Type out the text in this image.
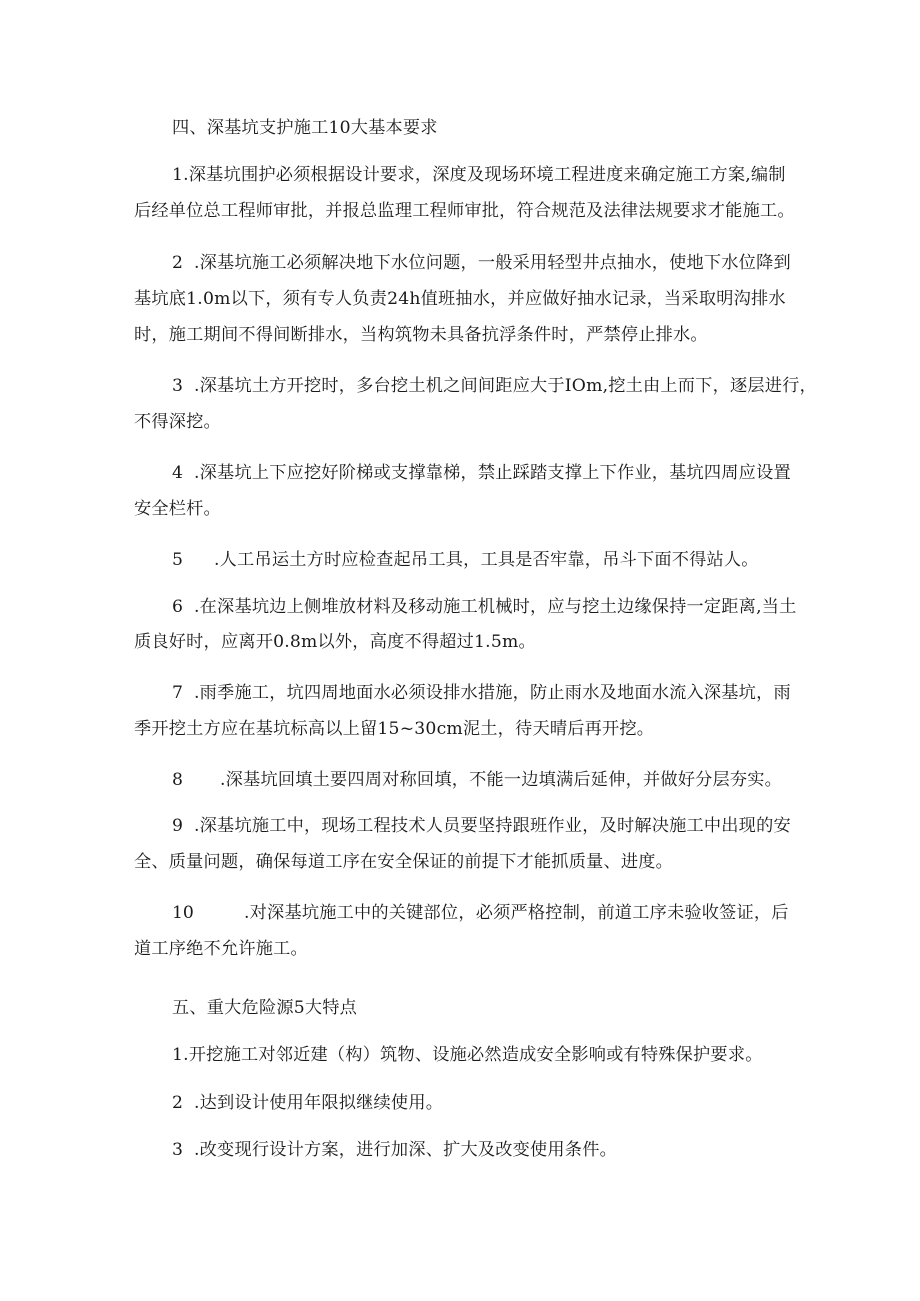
四、深基坑支护施工10大基本要求
1.深基坑围护必须根据设计要求，深度及现场环境工程进度来确定施工方案,编制
后经单位总工程师审批，并报总监理工程师审批，符合规范及法律法规要求才能施工。
2 .深基坑施工必须解决地下水位问题，一般采用轻型井点抽水，使地下水位降到
基坑底1.0m以下，须有专人负责24h值班抽水，并应做好抽水记录，当采取明沟排水
时，施工期间不得间断排水，当构筑物未具备抗浮条件时，严禁停止排水。
3 .深基坑土方开挖时，多台挖土机之间间距应大于IOm,挖土由上而下，逐层进行，
不得深挖。
4 .深基坑上下应挖好阶梯或支撑靠梯，禁止踩踏支撑上下作业，基坑四周应设置
安全栏杆。
5 .人工吊运土方时应检查起吊工具，工具是否牢靠，吊斗下面不得站人。
6 .在深基坑边上侧堆放材料及移动施工机械时，应与挖土边缘保持一定距离,当土
质良好时，应离开0.8m以外，高度不得超过1.5m。
7 .雨季施工，坑四周地面水必须设排水措施，防止雨水及地面水流入深基坑，雨
季开挖土方应在基坑标高以上留15~30cm泥土，待天晴后再开挖。
8 .深基坑回填土要四周对称回填，不能一边填满后延伸，并做好分层夯实。
9 .深基坑施工中，现场工程技术人员要坚持跟班作业，及时解决施工中出现的安
全、质量问题，确保每道工序在安全保证的前提下才能抓质量、进度。
10	.对深基坑施工中的关键部位，必须严格控制，前道工序未验收签证，后
道工序绝不允许施工。
五、重大危险源5大特点
1.开挖施工对邻近建（构）筑物、设施必然造成安全影响或有特殊保护要求。
2 .达到设计使用年限拟继续使用。
3 .改变现行设计方案，进行加深、扩大及改变使用条件。
